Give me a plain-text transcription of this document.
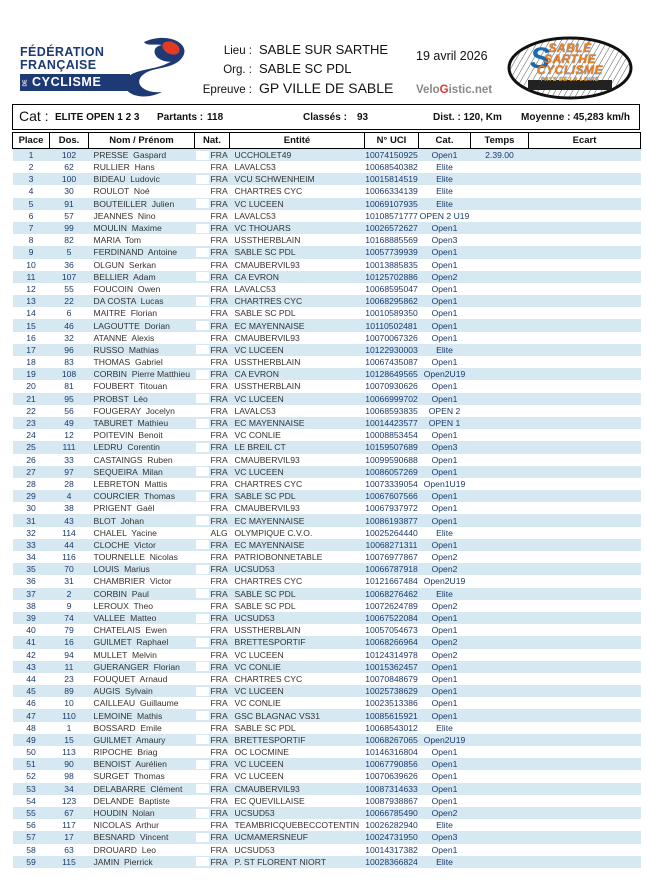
FÉDÉRATION
FRANÇAISE
DE CYCLISME
Lieu : SABLE SUR SARTHE
Org. : SABLE SC PDL
Epreuve : GP VILLE DE SABLE
19 avril 2026
VeloGistic.net
S
SABLÉ
SARTHE
CYCLISME
PAYS DE LA LOIRE
Cat : ELITE OPEN 1 2 3 Partants : 118	Classés : 93	Dist. : 120, Km Moyenne : 45,283 km/h
Place	Dos.	Nom / Prénom	Nat.	Entité	N° UCI	Cat.	Temps	Ecart
1	102	PRESSE  Gaspard	FRA	UCCHOLET49	10074150925	Open1	2.39.00	
2	62	RULLIER  Hans	FRA	LAVALC53	10068540382	Elite		
3	100	BIDEAU  Ludovic	FRA	VCU SCHWENHEIM	10015814519	Elite		
4	30	ROULOT  Noé	FRA	CHARTRES CYC	10066334139	Elite		
5	91	BOUTEILLER  Julien	FRA	VC LUCEEN	10069107935	Elite		
6	57	JEANNES  Nino	FRA	LAVALC53	10108571777	OPEN 2 U19		
7	99	MOULIN  Maxime	FRA	VC THOUARS	10026572627	Open1		
8	82	MARIA  Tom	FRA	USSTHERBLAIN	10168885569	Open3		
9	5	FERDINAND  Antoine	FRA	SABLE SC PDL	10057739939	Open1		
10	36	OLGUN  Serkan	FRA	CMAUBERVIL93	10013885835	Open1		
11	107	BELLIER  Adam	FRA	CA EVRON	10125702886	Open2		
12	55	FOUCOIN  Owen	FRA	LAVALC53	10068595047	Open1		
13	22	DA COSTA  Lucas	FRA	CHARTRES CYC	10068295862	Open1		
14	6	MAITRE  Florian	FRA	SABLE SC PDL	10010589350	Open1		
15	46	LAGOUTTE  Dorian	FRA	EC MAYENNAISE	10110502481	Open1		
16	32	ATANNE  Alexis	FRA	CMAUBERVIL93	10070067326	Open1		
17	96	RUSSO  Mathias	FRA	VC LUCEEN	10122930003	Elite		
18	83	THOMAS  Gabriel	FRA	USSTHERBLAIN	10067435087	Open1		
19	108	CORBIN  Pierre Matthieu	FRA	CA EVRON	10128649565	Open2U19		
20	81	FOUBERT  Titouan	FRA	USSTHERBLAIN	10070930626	Open1		
21	95	PROBST  Léo	FRA	VC LUCEEN	10066999702	Open1		
22	56	FOUGERAY  Jocelyn	FRA	LAVALC53	10068593835	OPEN 2		
23	49	TABURET  Mathieu	FRA	EC MAYENNAISE	10014423577	OPEN 1		
24	12	POITEVIN  Benoit	FRA	VC CONLIE	10008853454	Open1		
25	111	LEDRU  Corentin	FRA	LE BREIL CT	10159507689	Open3		
26	33	CASTAINGS  Ruben	FRA	CMAUBERVIL93	10099590688	Open1		
27	97	SEQUEIRA  Milan	FRA	VC LUCEEN	10086057269	Open1		
28	28	LEBRETON  Mattis	FRA	CHARTRES CYC	10073339054	Open1U19		
29	4	COURCIER  Thomas	FRA	SABLE SC PDL	10067607566	Open1		
30	38	PRIGENT  Gaël	FRA	CMAUBERVIL93	10067937972	Open1		
31	43	BLOT  Johan	FRA	EC MAYENNAISE	10086193877	Open1		
32	114	CHALEL  Yacine	ALG	OLYMPIQUE C.V.O.	10025264440	Elite		
33	44	CLOCHE  Victor	FRA	EC MAYENNAISE	10068271311	Open1		
34	116	TOURNELLE  Nicolas	FRA	PATRIOBONNETABLE	10076977867	Open2		
35	70	LOUIS  Marius	FRA	UCSUD53	10066787918	Open2		
36	31	CHAMBRIER  Victor	FRA	CHARTRES CYC	10121667484	Open2U19		
37	2	CORBIN  Paul	FRA	SABLE SC PDL	10068276462	Elite		
38	9	LEROUX  Theo	FRA	SABLE SC PDL	10072624789	Open2		
39	74	VALLEE  Matteo	FRA	UCSUD53	10067522084	Open1		
40	79	CHATELAIS  Ewen	FRA	USSTHERBLAIN	10057054673	Open1		
41	16	GUILMET  Raphael	FRA	BRETTESPORTIF	10068266964	Open2		
42	94	MULLET  Melvin	FRA	VC LUCEEN	10124314978	Open2		
43	11	GUERANGER  Florian	FRA	VC CONLIE	10015362457	Open1		
44	23	FOUQUET  Arnaud	FRA	CHARTRES CYC	10070848679	Open1		
45	89	AUGIS  Sylvain	FRA	VC LUCEEN	10025738629	Open1		
46	10	CAILLEAU  Guillaume	FRA	VC CONLIE	10023513386	Open1		
47	110	LEMOINE  Mathis	FRA	GSC BLAGNAC VS31	10085615921	Open1		
48	1	BOSSARD  Emile	FRA	SABLE SC PDL	10068543012	Elite		
49	15	GUILMET  Amaury	FRA	BRETTESPORTIF	10068267065	Open2U19		
50	113	RIPOCHE  Briag	FRA	OC LOCMINE	10146316804	Open1		
51	90	BENOIST  Aurélien	FRA	VC LUCEEN	10067790856	Open1		
52	98	SURGET  Thomas	FRA	VC LUCEEN	10070639626	Open1		
53	34	DELABARRE  Clément	FRA	CMAUBERVIL93	10087314633	Open1		
54	123	DELANDE  Baptiste	FRA	EC QUEVILLAISE	10087938867	Open1		
55	67	HOUDIN  Nolan	FRA	UCSUD53	10066785490	Open2		
56	117	NICOLAS  Arthur	FRA	TEAMBRICQUEBECCOTENTIN	10026282940	Elite		
57	17	BESNARD  Vincent	FRA	UCMAMERSNEUF	10024731950	Open3		
58	63	DROUARD  Leo	FRA	UCSUD53	10014317382	Open1		
59	115	JAMIN  Pierrick	FRA	P. ST FLORENT NIORT	10028366824	Elite		
